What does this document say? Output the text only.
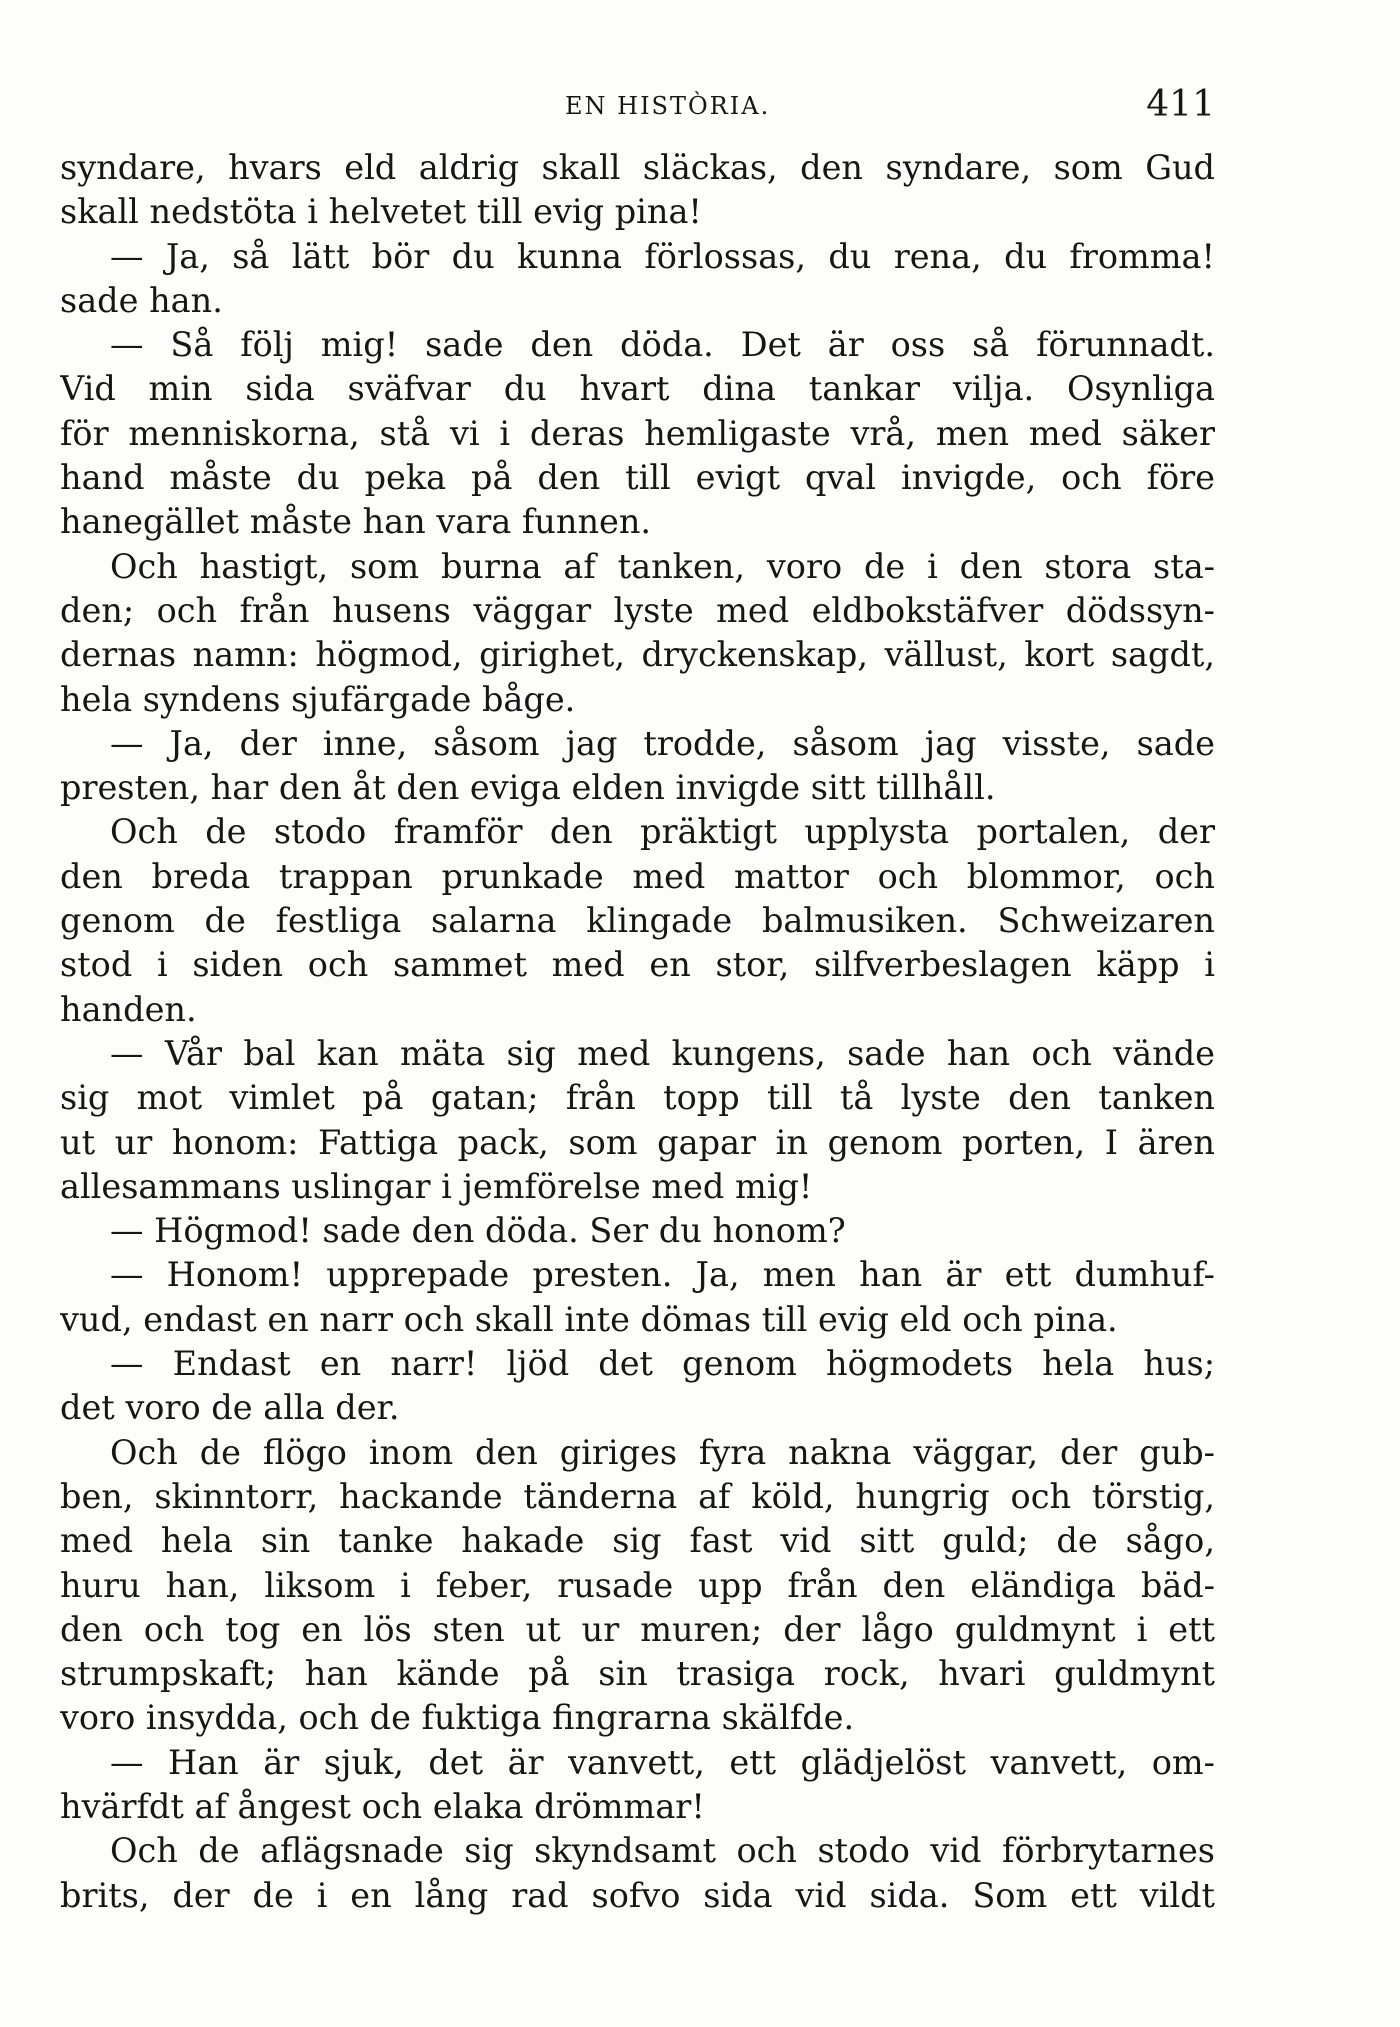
EN HISTÒRIA.	411
syndare, hvars eld aldrig skall släckas, den syndare, som Gud
skall nedstöta i helvetet till evig pina!
— Ja, så lätt bör du kunna förlossas, du rena, du fromma!
sade han.
— Så följ mig! sade den döda. Det är oss så förunnadt.
Vid min sida sväfvar du hvart dina tankar vilja. Osynliga
för menniskorna, stå vi i deras hemligaste vrå, men med säker
hand måste du peka på den till evigt qval invigde, och före
hanegället måste han vara funnen.
Och hastigt, som burna af tanken, voro de i den stora sta-
den; och från husens väggar lyste med eldbokstäfver dödssyn-
dernas namn: högmod, girighet, dryckenskap, vällust, kort sagdt,
hela syndens sjufärgade båge.
— Ja, der inne, såsom jag trodde, såsom jag visste, sade
presten, har den åt den eviga elden invigde sitt tillhåll.
Och de stodo framför den präktigt upplysta portalen, der
den breda trappan prunkade med mattor och blommor, och
genom de festliga salarna klingade balmusiken. Schweizaren
stod i siden och sammet med en stor, silfverbeslagen käpp i
handen.
— Vår bal kan mäta sig med kungens, sade han och vände
sig mot vimlet på gatan; från topp till tå lyste den tanken
ut ur honom: Fattiga pack, som gapar in genom porten, I ären
allesammans uslingar i jemförelse med mig!
— Högmod! sade den döda. Ser du honom?
— Honom! upprepade presten. Ja, men han är ett dumhuf-
vud, endast en narr och skall inte dömas till evig eld och pina.
— Endast en narr! ljöd det genom högmodets hela hus;
det voro de alla der.
Och de flögo inom den giriges fyra nakna väggar, der gub-
ben, skinntorr, hackande tänderna af köld, hungrig och törstig,
med hela sin tanke hakade sig fast vid sitt guld; de sågo,
huru han, liksom i feber, rusade upp från den eländiga bäd-
den och tog en lös sten ut ur muren; der lågo guldmynt i ett
strumpskaft; han kände på sin trasiga rock, hvari guldmynt
voro insydda, och de fuktiga fingrarna skälfde.
— Han är sjuk, det är vanvett, ett glädjelöst vanvett, om-
hvärfdt af ångest och elaka drömmar!
Och de aflägsnade sig skyndsamt och stodo vid förbrytarnes
brits, der de i en lång rad sofvo sida vid sida. Som ett vildt
